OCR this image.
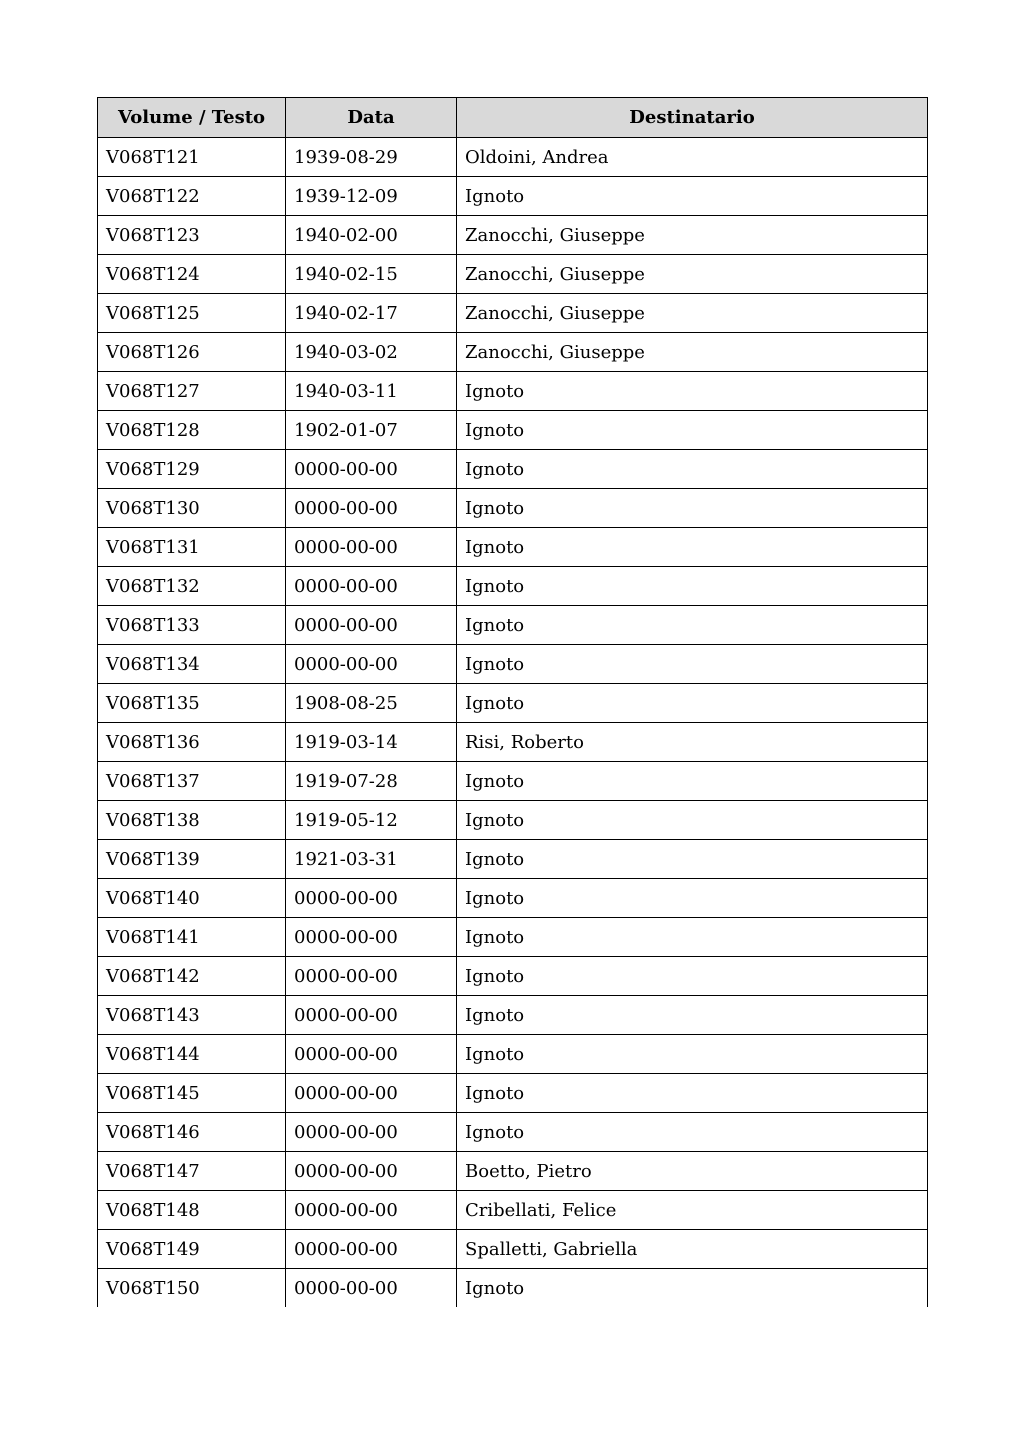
Volume / Testo	Data	Destinatario
V068T121	1939-08-29	Oldoini, Andrea
V068T122	1939-12-09	Ignoto
V068T123	1940-02-00	Zanocchi, Giuseppe
V068T124	1940-02-15	Zanocchi, Giuseppe
V068T125	1940-02-17	Zanocchi, Giuseppe
V068T126	1940-03-02	Zanocchi, Giuseppe
V068T127	1940-03-11	Ignoto
V068T128	1902-01-07	Ignoto
V068T129	0000-00-00	Ignoto
V068T130	0000-00-00	Ignoto
V068T131	0000-00-00	Ignoto
V068T132	0000-00-00	Ignoto
V068T133	0000-00-00	Ignoto
V068T134	0000-00-00	Ignoto
V068T135	1908-08-25	Ignoto
V068T136	1919-03-14	Risi, Roberto
V068T137	1919-07-28	Ignoto
V068T138	1919-05-12	Ignoto
V068T139	1921-03-31	Ignoto
V068T140	0000-00-00	Ignoto
V068T141	0000-00-00	Ignoto
V068T142	0000-00-00	Ignoto
V068T143	0000-00-00	Ignoto
V068T144	0000-00-00	Ignoto
V068T145	0000-00-00	Ignoto
V068T146	0000-00-00	Ignoto
V068T147	0000-00-00	Boetto, Pietro
V068T148	0000-00-00	Cribellati, Felice
V068T149	0000-00-00	Spalletti, Gabriella
V068T150	0000-00-00	Ignoto
